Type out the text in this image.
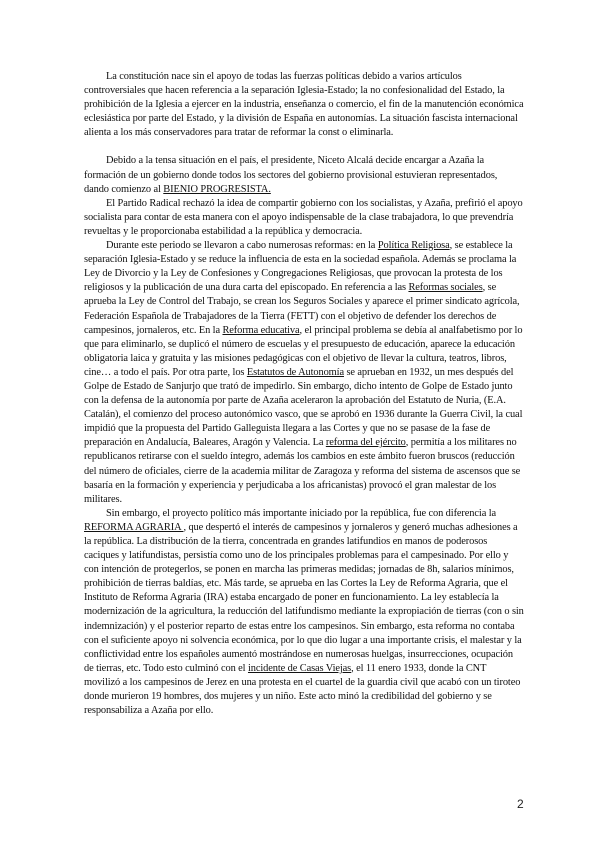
La constitución nace sin el apoyo de todas las fuerzas políticas debido a varios artículos controversiales que hacen referencia a la separación Iglesia-Estado; la no confesionalidad del Estado, la prohibición de la Iglesia a ejercer en la industria, enseñanza o comercio, el fin de la manutención económica eclesiástica por parte del Estado, y la división de España en autonomías. La situación fascista internacional alienta a los más conservadores para tratar de reformar la const o eliminarla.

Debido a la tensa situación en el país, el presidente, Niceto Alcalá decide encargar a Azaña la formación de un gobierno donde todos los sectores del gobierno provisional estuvieran representados, dando comienzo al BIENIO PROGRESISTA.

El Partido Radical rechazó la idea de compartir gobierno con los socialistas, y Azaña, prefirió el apoyo socialista para contar de esta manera con el apoyo indispensable de la clase trabajadora, lo que prevendría revueltas y le proporcionaba estabilidad a la república y democracia.

Durante este periodo se llevaron a cabo numerosas reformas: en la Política Religiosa, se establece la separación Iglesia-Estado y se reduce la influencia de esta en la sociedad española. Además se proclama la Ley de Divorcio y la Ley de Confesiones y Congregaciones Religiosas, que provocan la protesta de los religiosos y la publicación de una dura carta del episcopado. En referencia a las Reformas sociales, se aprueba la Ley de Control del Trabajo, se crean los Seguros Sociales y aparece el primer sindicato agrícola, Federación Española de Trabajadores de la Tierra (FETT) con el objetivo de defender los derechos de campesinos, jornaleros, etc. En la Reforma educativa, el principal problema se debía al analfabetismo por lo que para eliminarlo, se duplicó el número de escuelas y el presupuesto de educación, aparece la educación obligatoria laica y gratuita y las misiones pedagógicas con el objetivo de llevar la cultura, teatros, libros, cine… a todo el país. Por otra parte, los Estatutos de Autonomía se aprueban en 1932, un mes después del Golpe de Estado de Sanjurjo que trató de impedirlo. Sin embargo, dicho intento de Golpe de Estado junto con la defensa de la autonomía por parte de Azaña aceleraron la aprobación del Estatuto de Nuria, (E.A. Catalán), el comienzo del proceso autonómico vasco, que se aprobó en 1936 durante la Guerra Civil, la cual impidió que la propuesta del Partido Galleguista llegara a las Cortes y que no se pasase de la fase de preparación en Andalucía, Baleares, Aragón y Valencia. La reforma del ejército, permitía a los militares no republicanos retirarse con el sueldo íntegro, además los cambios en este ámbito fueron bruscos (reducción del número de oficiales, cierre de la academia militar de Zaragoza y reforma del sistema de ascensos que se basaría en la formación y experiencia y perjudicaba a los africanistas) provocó el gran malestar de los militares.

Sin embargo, el proyecto político más importante iniciado por la república, fue con diferencia la REFORMA AGRARIA , que despertó el interés de campesinos y jornaleros y generó muchas adhesiones a la república. La distribución de la tierra, concentrada en grandes latifundios en manos de poderosos caciques y latifundistas, persistía como uno de los principales problemas para el campesinado. Por ello y con intención de protegerlos, se ponen en marcha las primeras medidas; jornadas de 8h, salarios mínimos, prohibición de tierras baldías, etc. Más tarde, se aprueba en las Cortes la Ley de Reforma Agraria, que el Instituto de Reforma Agraria (IRA) estaba encargado de poner en funcionamiento. La ley establecía la modernización de la agricultura, la reducción del latifundismo mediante la expropiación de tierras (con o sin indemnización) y el posterior reparto de estas entre los campesinos. Sin embargo, esta reforma no contaba con el suficiente apoyo ni solvencia económica, por lo que dio lugar a una importante crisis, el malestar y la conflictividad entre los españoles aumentó mostrándose en numerosas huelgas, insurrecciones, ocupación de tierras, etc. Todo esto culminó con el incidente de Casas Viejas, el 11 enero 1933, donde la CNT movilizó a los campesinos de Jerez en una protesta en el cuartel de la guardia civil que acabó con un tiroteo donde murieron 19 hombres, dos mujeres y un niño. Este acto minó la credibilidad del gobierno y se responsabiliza a Azaña por ello.

2
